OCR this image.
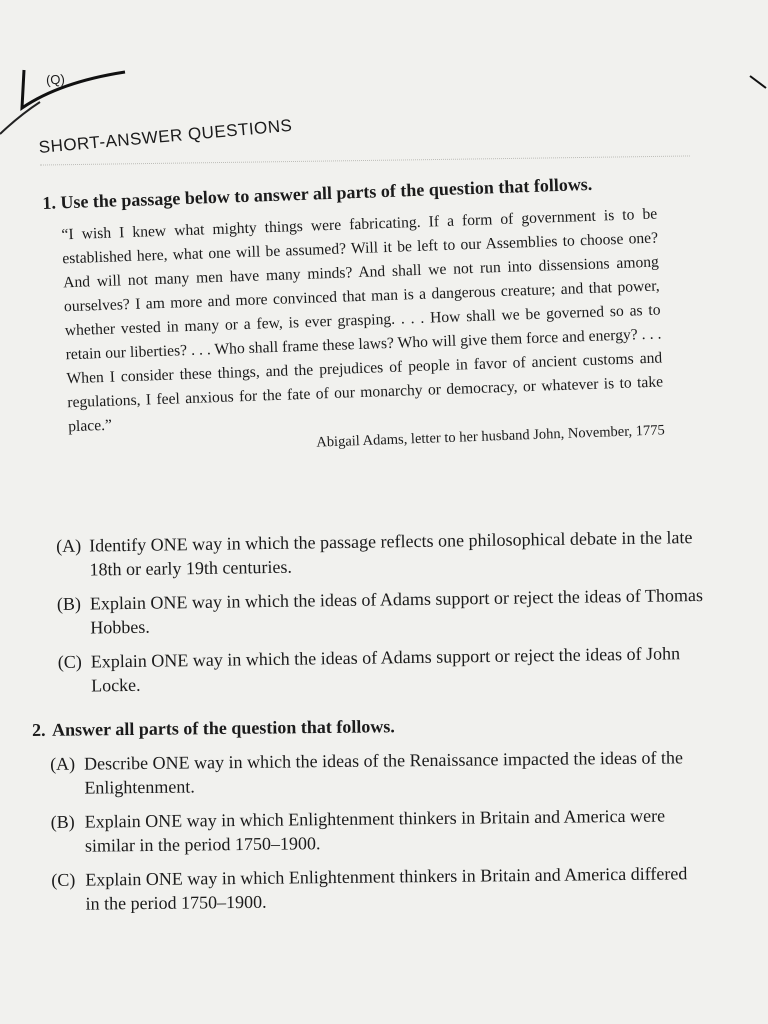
(Q)
SHORT-ANSWER QUESTIONS

1. Use the passage below to answer all parts of the question that follows.

“I wish I knew what mighty things were fabricating. If a form of government is to be established here, what one will be assumed? Will it be left to our Assemblies to choose one? And will not many men have many minds? And shall we not run into dissensions among ourselves? I am more and more convinced that man is a dangerous creature; and that power, whether vested in many or a few, is ever grasping. . . . How shall we be governed so as to retain our liberties? . . . Who shall frame these laws? Who will give them force and energy? . . . When I consider these things, and the prejudices of people in favor of ancient customs and regulations, I feel anxious for the fate of our monarchy or democracy, or whatever is to take place.”	Abigail Adams, letter to her husband John, November, 1775

(A) Identify ONE way in which the passage reflects one philosophical debate in the late 18th or early 19th centuries.
(B) Explain ONE way in which the ideas of Adams support or reject the ideas of Thomas Hobbes.
(C) Explain ONE way in which the ideas of Adams support or reject the ideas of John Locke.

2. Answer all parts of the question that follows.

(A) Describe ONE way in which the ideas of the Renaissance impacted the ideas of the Enlightenment.
(B) Explain ONE way in which Enlightenment thinkers in Britain and America were similar in the period 1750–1900.
(C) Explain ONE way in which Enlightenment thinkers in Britain and America differed in the period 1750–1900.
